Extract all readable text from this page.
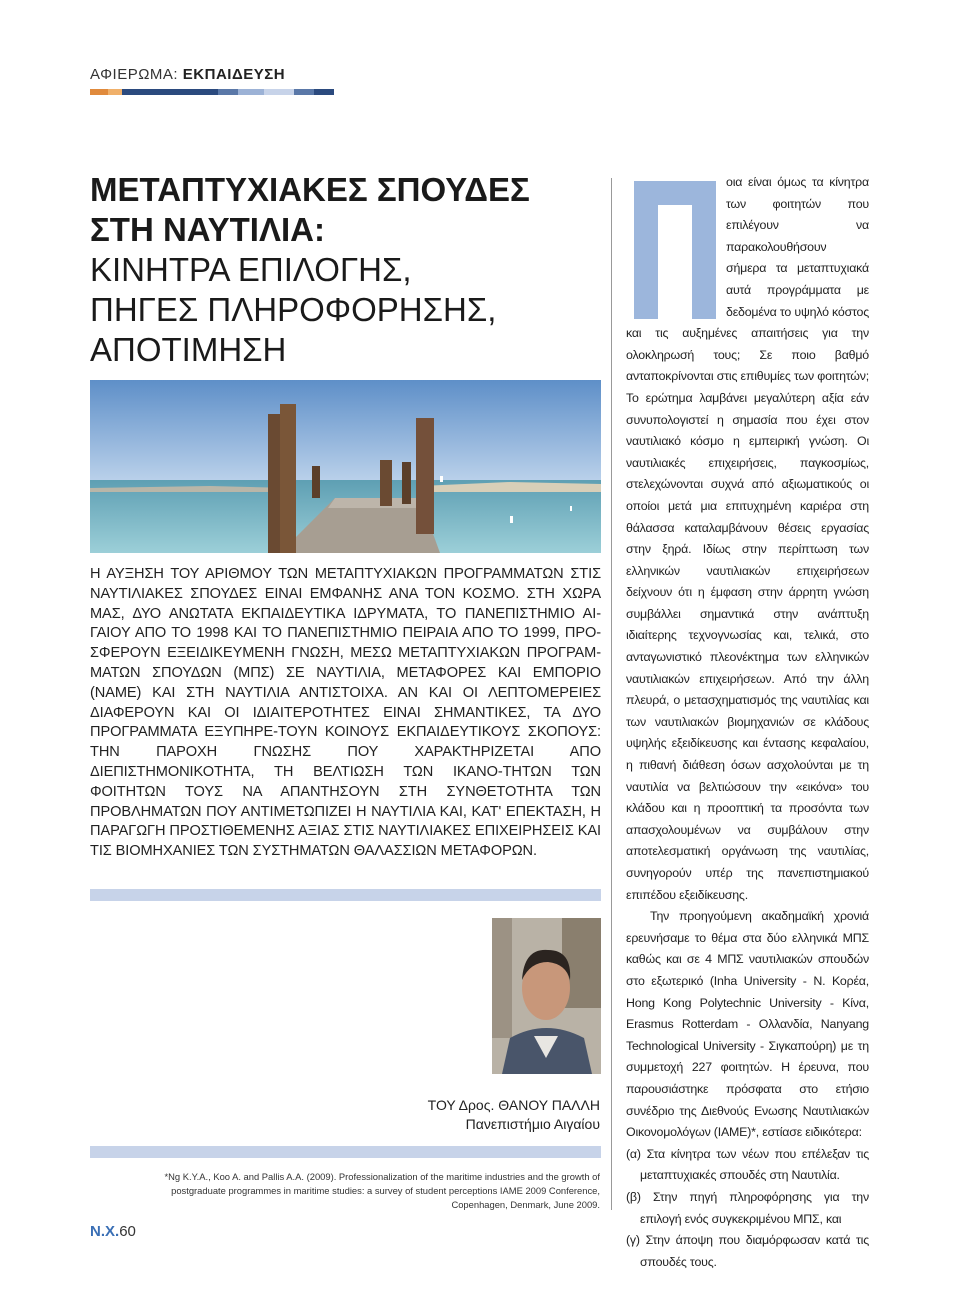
ΑΦΙΕΡΩΜΑ: ΕΚΠΑΙΔΕΥΣΗ
ΜΕΤΑΠΤΥΧΙΑΚΕΣ ΣΠΟΥΔΕΣ
ΣΤΗ ΝΑΥΤΙΛΙΑ:
ΚΙΝΗΤΡΑ ΕΠΙΛΟΓΗΣ,
ΠΗΓΕΣ ΠΛΗΡΟΦΟΡΗΣΗΣ,
ΑΠΟΤΙΜΗΣΗ
Η ΑΥΞΗΣΗ ΤΟΥ ΑΡΙΘΜΟΥ ΤΩΝ ΜΕΤΑΠΤΥΧΙΑΚΩΝ ΠΡΟΓΡΑΜΜΑΤΩΝ ΣΤΙΣ ΝΑΥΤΙΛΙΑΚΕΣ ΣΠΟΥΔΕΣ ΕΙΝΑΙ ΕΜΦΑΝΗΣ ΑΝΑ ΤΟΝ ΚΟΣΜΟ. ΣΤΗ ΧΩΡΑ ΜΑΣ, ΔΥΟ ΑΝΩΤΑΤΑ ΕΚΠΑΙΔΕΥΤΙΚΑ ΙΔΡΥΜΑΤΑ, ΤΟ ΠΑΝΕΠΙΣΤΗΜΙΟ ΑΙ-ΓΑΙΟΥ ΑΠΟ ΤΟ 1998 ΚΑΙ ΤΟ ΠΑΝΕΠΙΣΤΗΜΙΟ ΠΕΙΡΑΙΑ ΑΠΟ ΤΟ 1999, ΠΡΟ-ΣΦΕΡΟΥΝ ΕΞΕΙΔΙΚΕΥΜΕΝΗ ΓΝΩΣΗ, ΜΕΣΩ ΜΕΤΑΠΤΥΧΙΑΚΩΝ ΠΡΟΓΡΑΜ-ΜΑΤΩΝ ΣΠΟΥΔΩΝ (ΜΠΣ) ΣΕ ΝΑΥΤΙΛΙΑ, ΜΕΤΑΦΟΡΕΣ ΚΑΙ ΕΜΠΟΡΙΟ (ΝΑΜΕ) ΚΑΙ ΣΤΗ ΝΑΥΤΙΛΙΑ ΑΝΤΙΣΤΟΙΧΑ. ΑΝ ΚΑΙ ΟΙ ΛΕΠΤΟΜΕΡΕΙΕΣ ΔΙΑΦΕΡΟΥΝ ΚΑΙ ΟΙ ΙΔΙΑΙΤΕΡΟΤΗΤΕΣ ΕΙΝΑΙ ΣΗΜΑΝΤΙΚΕΣ, ΤΑ ΔΥΟ ΠΡΟΓΡΑΜΜΑΤΑ ΕΞΥΠΗΡΕ-ΤΟΥΝ ΚΟΙΝΟΥΣ ΕΚΠΑΙΔΕΥΤΙΚΟΥΣ ΣΚΟΠΟΥΣ: ΤΗΝ ΠΑΡΟΧΗ ΓΝΩΣΗΣ ΠΟΥ ΧΑΡΑΚΤΗΡΙΖΕΤΑΙ ΑΠΟ ΔΙΕΠΙΣΤΗΜΟΝΙΚΟΤΗΤΑ, ΤΗ ΒΕΛΤΙΩΣΗ ΤΩΝ ΙΚΑΝΟ-ΤΗΤΩΝ ΤΩΝ ΦΟΙΤΗΤΩΝ ΤΟΥΣ ΝΑ ΑΠΑΝΤΗΣΟΥΝ ΣΤΗ ΣΥΝΘΕΤΟΤΗΤΑ ΤΩΝ ΠΡΟΒΛΗΜΑΤΩΝ ΠΟΥ ΑΝΤΙΜΕΤΩΠΙΖΕΙ Η ΝΑΥΤΙΛΙΑ ΚΑΙ, ΚΑΤ' ΕΠΕΚΤΑΣΗ, Η ΠΑΡΑΓΩΓΗ ΠΡΟΣΤΙΘΕΜΕΝΗΣ ΑΞΙΑΣ ΣΤΙΣ ΝΑΥΤΙΛΙΑΚΕΣ ΕΠΙΧΕΙΡΗΣΕΙΣ ΚΑΙ ΤΙΣ ΒΙΟΜΗΧΑΝΙΕΣ ΤΩΝ ΣΥΣΤΗΜΑΤΩΝ ΘΑΛΑΣΣΙΩΝ ΜΕΤΑΦΟΡΩΝ.
ΤΟΥ Δρος. ΘΑΝΟΥ ΠΑΛΛΗ
Πανεπιστήμιο Αιγαίου
*Ng K.Y.A., Koo A. and Pallis A.A. (2009). Professionalization of the maritime industries and the growth of postgraduate programmes in maritime studies: a survey of student perceptions IAME 2009 Conference, Copenhagen, Denmark, June 2009.
N.X.60

οια είναι όμως τα κίνητρα των φοιτητών που επιλέγουν να παρακολουθήσουν σήμερα τα μεταπτυχιακά αυτά προγράμματα με δεδομένα το υψηλό κόστος και τις αυξημένες απαιτήσεις για την ολοκληρωσή τους; Σε ποιο βαθμό ανταποκρίνονται στις επιθυμίες των φοιτητών; Το ερώτημα λαμβάνει μεγαλύτερη αξία εάν συνυπολογιστεί η σημασία που έχει στον ναυτιλιακό κόσμο η εμπειρική γνώση. Οι ναυτιλιακές επιχειρήσεις, παγκοσμίως, στελεχώνονται συχνά από αξιωματικούς οι οποίοι μετά μια επιτυχημένη καριέρα στη θάλασσα καταλαμβάνουν θέσεις εργασίας στην ξηρά. Ιδίως στην περίπτωση των ελληνικών ναυτιλιακών επιχειρήσεων δείχνουν ότι η έμφαση στην άρρητη γνώση συμβάλλει σημαντικά στην ανάπτυξη ιδιαίτερης τεχνογνωσίας και, τελικά, στο ανταγωνιστικό πλεονέκτημα των ελληνικών ναυτιλιακών επιχειρήσεων. Από την άλλη πλευρά, ο μετασχηματισμός της ναυτιλίας και των ναυτιλιακών βιομηχανιών σε κλάδους υψηλής εξειδίκευσης και έντασης κεφαλαίου, η πιθανή διάθεση όσων ασχολούνται με τη ναυτιλία να βελτιώσουν την «εικόνα» του κλάδου και η προοπτική τα προσόντα των απασχολουμένων να συμβάλουν στην αποτελεσματική οργάνωση της ναυτιλίας, συνηγορούν υπέρ της πανεπιστημιακού επιπέδου εξειδίκευσης.

Την προηγούμενη ακαδημαϊκή χρονιά ερευνήσαμε το θέμα στα δύο ελληνικά ΜΠΣ καθώς και σε 4 ΜΠΣ ναυτιλιακών σπουδών στο εξωτερικό (Inha University - Ν. Κορέα, Hong Kong Polytechnic University - Κίνα, Erasmus Rotterdam - Ολλανδία, Nanyang Technological University - Σιγκαπούρη) με τη συμμετοχή 227 φοιτητών. Η έρευνα, που παρουσιάστηκε πρόσφατα στο ετήσιο συνέδριο της Διεθνούς Ενωσης Ναυτιλιακών Οικονομολόγων (IAME)*, εστίασε ειδικότερα:

(α) Στα κίνητρα των νέων που επέλεξαν τις μεταπτυχιακές σπουδές στη Ναυτιλία.

(β) Στην πηγή πληροφόρησης για την επιλογή ενός συγκεκριμένου ΜΠΣ, και

(γ) Στην άποψη που διαμόρφωσαν κατά τις σπουδές τους.
